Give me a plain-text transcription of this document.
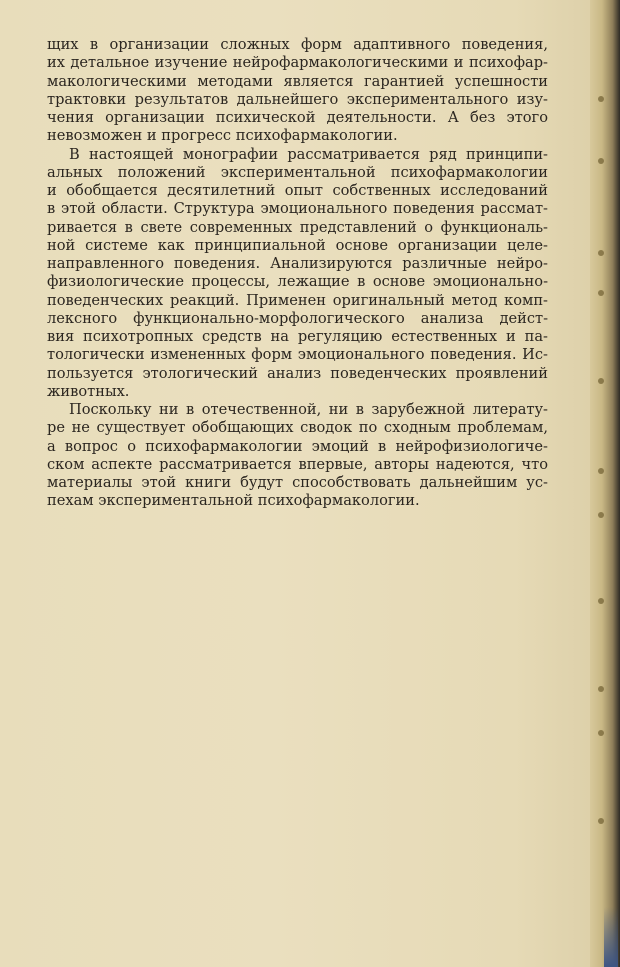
щих в организации сложных форм адаптивного поведения,
их детальное изучение нейрофармакологическими и психофар-
макологическими методами является гарантией успешности
трактовки результатов дальнейшего экспериментального изу-
чения организации психической деятельности. А без этого
невозможен и прогресс психофармакологии.
В настоящей монографии рассматривается ряд принципи-
альных положений экспериментальной психофармакологии
и обобщается десятилетний опыт собственных исследований
в этой области. Структура эмоционального поведения рассмат-
ривается в свете современных представлений о функциональ-
ной системе как принципиальной основе организации целе-
направленного поведения. Анализируются различные нейро-
физиологические процессы, лежащие в основе эмоционально-
поведенческих реакций. Применен оригинальный метод комп-
лексного функционально-морфологического анализа дейст-
вия психотропных средств на регуляцию естественных и па-
тологически измененных форм эмоционального поведения. Ис-
пользуется этологический анализ поведенческих проявлений
животных.
Поскольку ни в отечественной, ни в зарубежной литерату-
ре не существует обобщающих сводок по сходным проблемам,
а вопрос о психофармакологии эмоций в нейрофизиологиче-
ском аспекте рассматривается впервые, авторы надеются, что
материалы этой книги будут способствовать дальнейшим ус-
пехам экспериментальной психофармакологии.
